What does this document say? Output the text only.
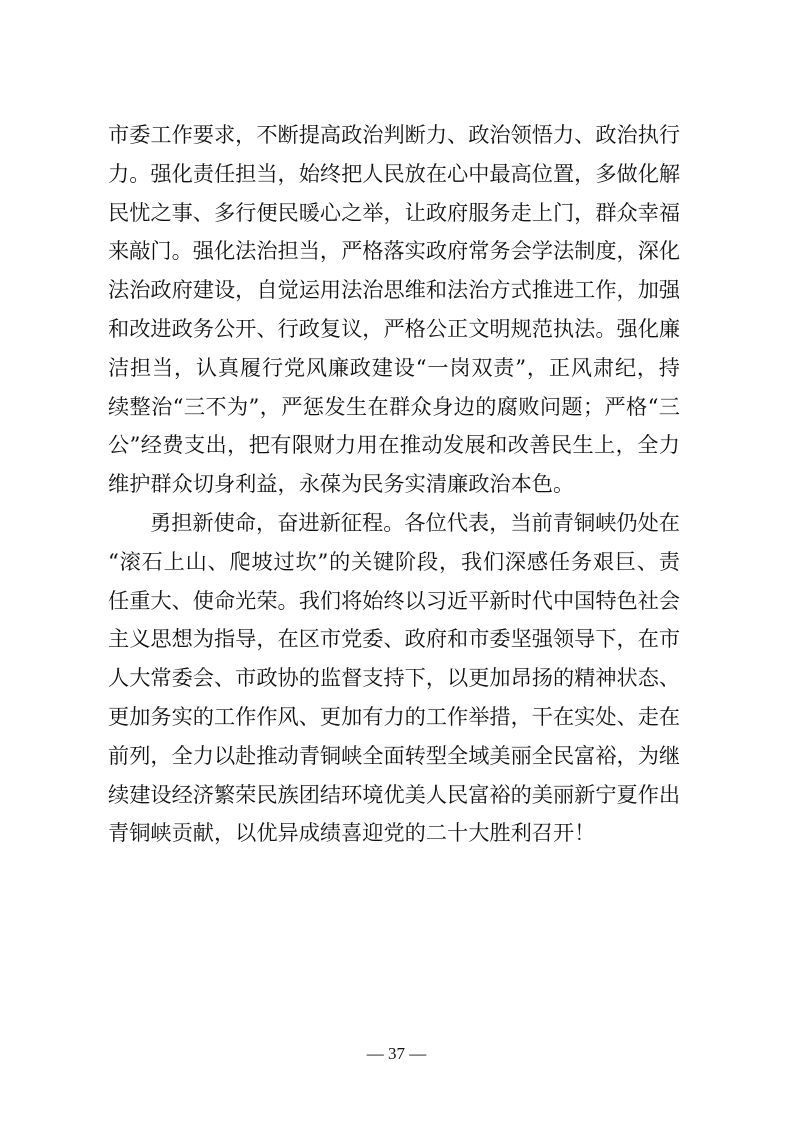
市委工作要求，不断提高政治判断力、政治领悟力、政治执行
力。强化责任担当，始终把人民放在心中最高位置，多做化解
民忧之事、多行便民暖心之举，让政府服务走上门，群众幸福
来敲门。强化法治担当，严格落实政府常务会学法制度，深化
法治政府建设，自觉运用法治思维和法治方式推进工作，加强
和改进政务公开、行政复议，严格公正文明规范执法。强化廉
洁担当，认真履行党风廉政建设“一岗双责”，正风肃纪，持
续整治“三不为”，严惩发生在群众身边的腐败问题；严格“三
公”经费支出，把有限财力用在推动发展和改善民生上，全力
维护群众切身利益，永葆为民务实清廉政治本色。
勇担新使命，奋进新征程。各位代表，当前青铜峡仍处在
“滚石上山、爬坡过坎”的关键阶段，我们深感任务艰巨、责
任重大、使命光荣。我们将始终以习近平新时代中国特色社会
主义思想为指导，在区市党委、政府和市委坚强领导下，在市
人大常委会、市政协的监督支持下，以更加昂扬的精神状态、
更加务实的工作作风、更加有力的工作举措，干在实处、走在
前列，全力以赴推动青铜峡全面转型全域美丽全民富裕，为继
续建设经济繁荣民族团结环境优美人民富裕的美丽新宁夏作出
青铜峡贡献，以优异成绩喜迎党的二十大胜利召开！
— 37 —
